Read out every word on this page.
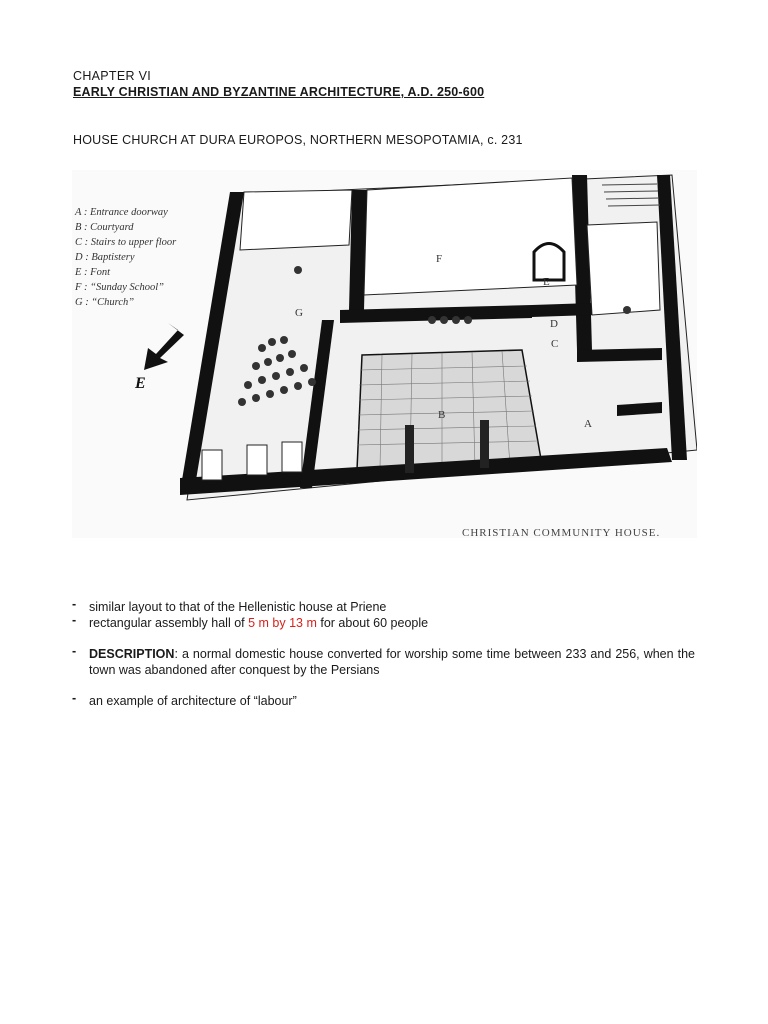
CHAPTER VI
EARLY CHRISTIAN AND BYZANTINE ARCHITECTURE, A.D. 250-600
HOUSE CHURCH AT DURA EUROPOS, NORTHERN MESOPOTAMIA, c. 231
A : Entrance doorway
B : Courtyard
C : Stairs to upper floor
D : Baptistery
E : Font
F : “Sunday School”
G : “Church”
G
F
E
D
C
B
A
E
CHRISTIAN COMMUNITY HOUSE.
- similar layout to that of the Hellenistic house at Priene
- rectangular assembly hall of 5 m by 13 m for about 60 people
- DESCRIPTION: a normal domestic house converted for worship some time between 233 and 256, when the town was abandoned after conquest by the Persians
- an example of architecture of “labour”
